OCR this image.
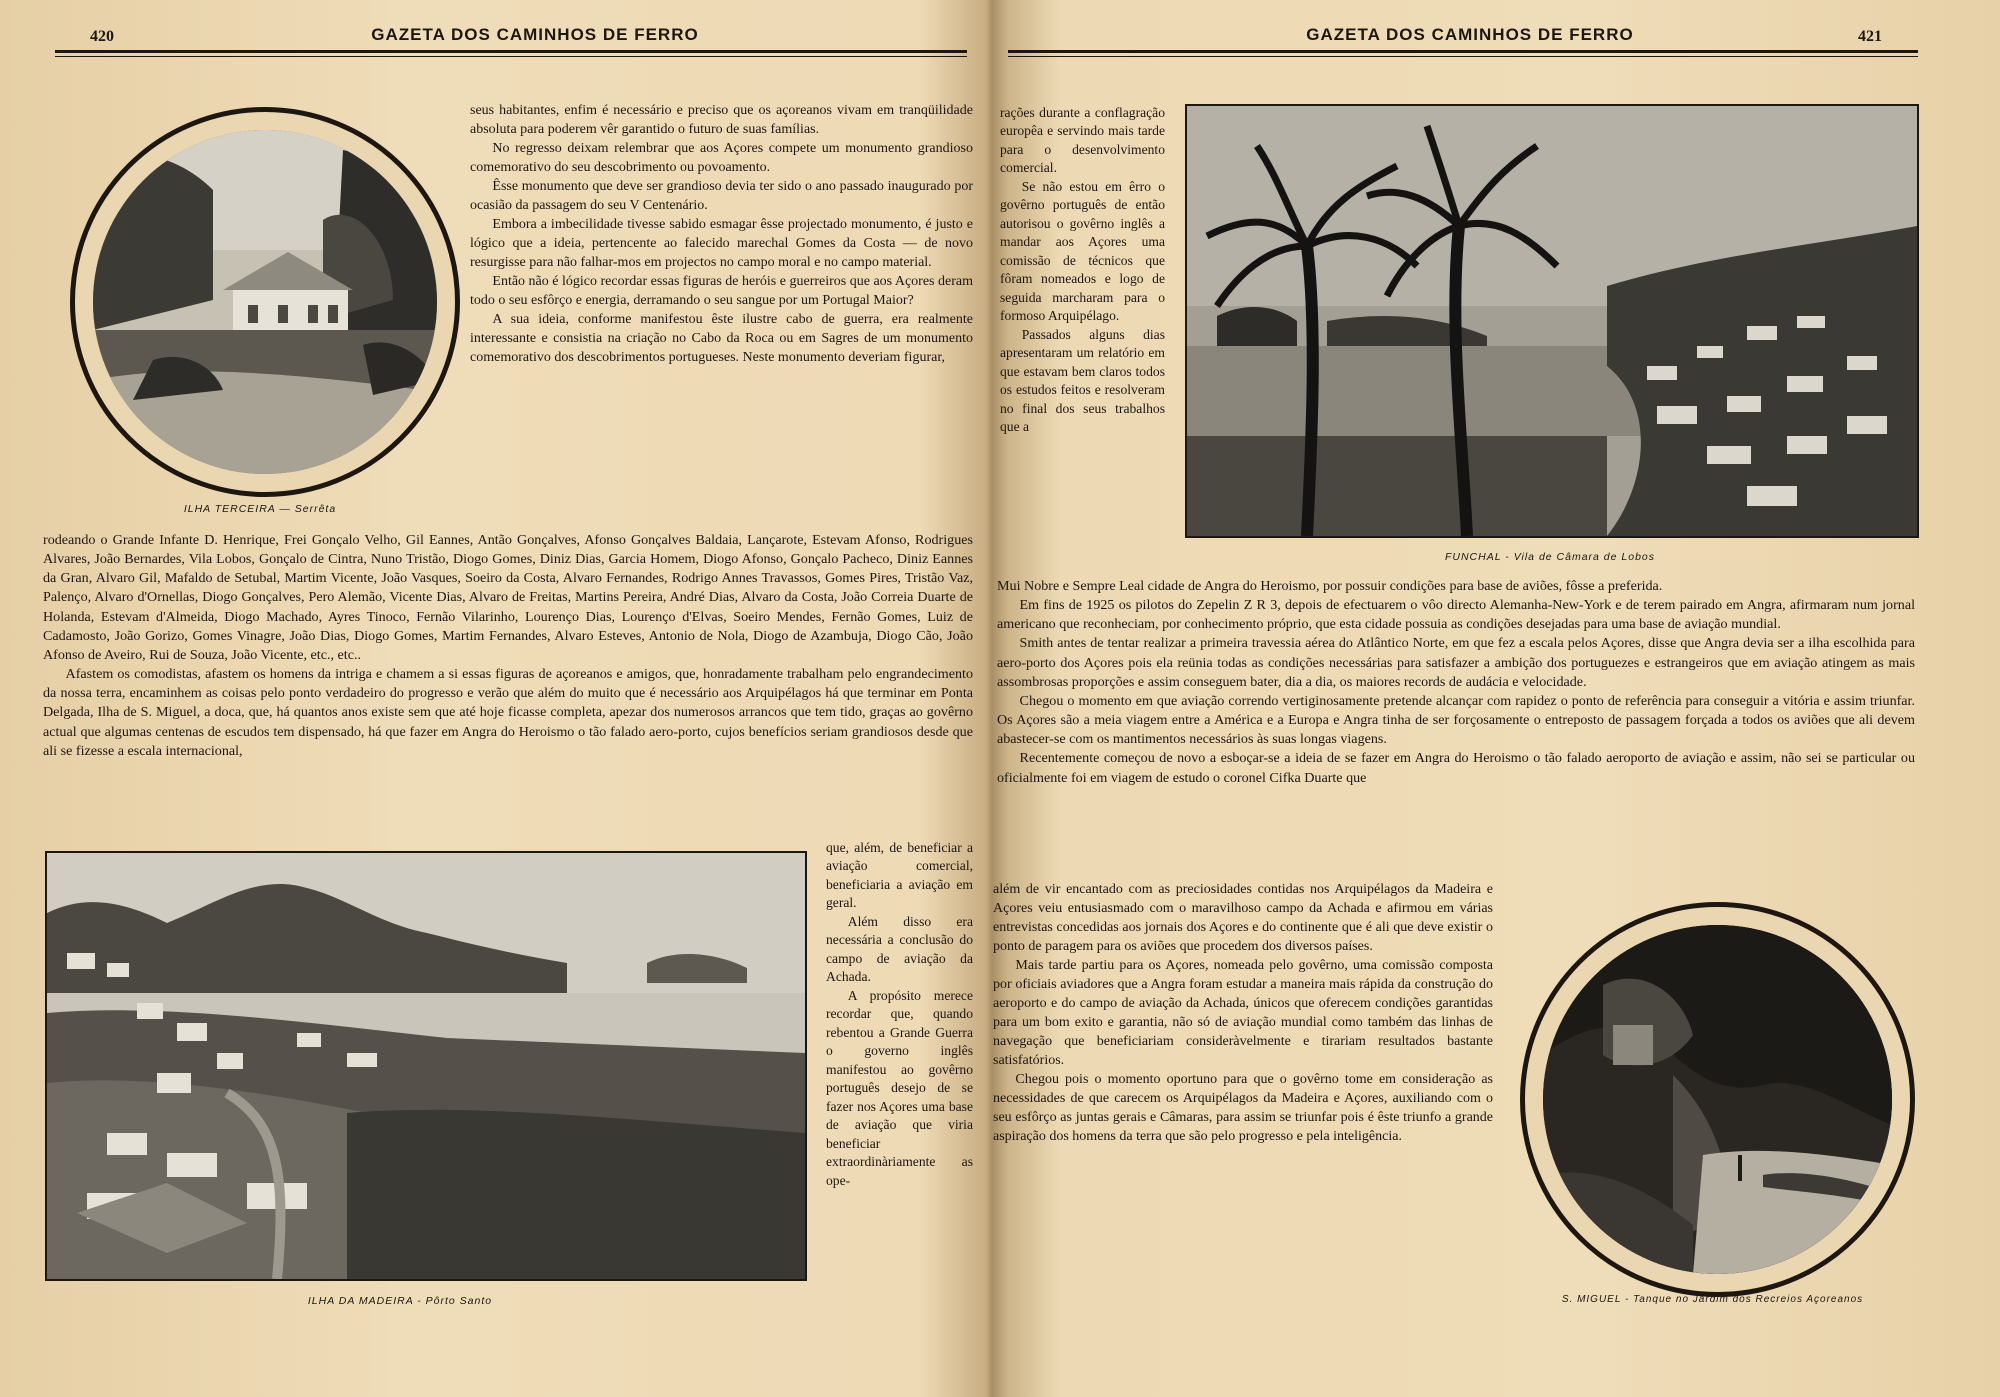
420	GAZETA DOS CAMINHOS DE FERRO
ILHA TERCEIRA — Serrêta

seus habitantes, enfim é necessário e preciso que os açoreanos vivam em tranqüilidade absoluta para poderem vêr garantido o futuro de suas famílias.

No regresso deixam relembrar que aos Açores compete um monumento grandioso comemorativo do seu descobrimento ou povoamento.

Êsse monumento que deve ser grandioso devia ter sido o ano passado inaugurado por ocasião da passagem do seu V Centenário.

Embora a imbecilidade tivesse sabido esmagar êsse projectado monumento, é justo e lógico que a ideia, pertencente ao falecido marechal Gomes da Costa — de novo resurgisse para não falhar-mos em projectos no campo moral e no campo material.

Então não é lógico recordar essas figuras de heróis e guerreiros que aos Açores deram todo o seu esfôrço e energia, derramando o seu sangue por um Portugal Maior?

A sua ideia, conforme manifestou êste ilustre cabo de guerra, era realmente interessante e consistia na criação no Cabo da Roca ou em Sagres de um monumento comemorativo dos descobrimentos portugueses. Neste monumento deveriam figurar,

rodeando o Grande Infante D. Henrique, Frei Gonçalo Velho, Gil Eannes, Antão Gonçalves, Afonso Gonçalves Baldaia, Lançarote, Estevam Afonso, Rodrigues Alvares, João Bernardes, Vila Lobos, Gonçalo de Cintra, Nuno Tristão, Diogo Gomes, Diniz Dias, Garcia Homem, Diogo Afonso, Gonçalo Pacheco, Diniz Eannes da Gran, Alvaro Gil, Mafaldo de Setubal, Martim Vicente, João Vasques, Soeiro da Costa, Alvaro Fernandes, Rodrigo Annes Travassos, Gomes Pires, Tristão Vaz, Palenço, Alvaro d'Ornellas, Diogo Gonçalves, Pero Alemão, Vicente Dias, Alvaro de Freitas, Martins Pereira, André Dias, Alvaro da Costa, João Correia Duarte de Holanda, Estevam d'Almeida, Diogo Machado, Ayres Tinoco, Fernão Vilarinho, Lourenço Dias, Lourenço d'Elvas, Soeiro Mendes, Fernão Gomes, Luiz de Cadamosto, João Gorizo, Gomes Vinagre, João Dias, Diogo Gomes, Martim Fernandes, Alvaro Esteves, Antonio de Nola, Diogo de Azambuja, Diogo Cão, João Afonso de Aveiro, Rui de Souza, João Vicente, etc., etc..

Afastem os comodistas, afastem os homens da intriga e chamem a si essas figuras de açoreanos e amigos, que, honradamente trabalham pelo engrandecimento da nossa terra, encaminhem as coisas pelo ponto verdadeiro do progresso e verão que além do muito que é necessário aos Arquipélagos há que terminar em Ponta Delgada, Ilha de S. Miguel, a doca, que, há quantos anos existe sem que até hoje ficasse completa, apezar dos numerosos arrancos que tem tido, graças ao govêrno actual que algumas centenas de escudos tem dispensado, há que fazer em Angra do Heroismo o tão falado aero-porto, cujos benefícios seriam grandiosos desde que ali se fizesse a escala internacional,

ILHA DA MADEIRA - Pôrto Santo

que, além, de beneficiar a aviação comercial, beneficiaria a aviação em geral.

Além disso era necessária a conclusão do campo de aviação da Achada.

A propósito merece recordar que, quando rebentou a Grande Guerra o governo inglês manifestou ao govêrno português desejo de se fazer nos Açores uma base de aviação que viria beneficiar extraordinàriamente as ope-

GAZETA DOS CAMINHOS DE FERRO	421

rações durante a conflagração europêa e servindo mais tarde para o desenvolvimento comercial.

Se não estou em êrro o govêrno português de então autorisou o govêrno inglês a mandar aos Açores uma comissão de técnicos que fôram nomeados e logo de seguida marcharam para o formoso Arquipélago.

Passados alguns dias apresentaram um relatório em que estavam bem claros todos os estudos feitos e resolveram no final dos seus trabalhos que a

FUNCHAL - Vila de Câmara de Lobos

Mui Nobre e Sempre Leal cidade de Angra do Heroismo, por possuir condições para base de aviões, fôsse a preferida.

Em fins de 1925 os pilotos do Zepelin Z R 3, depois de efectuarem o vôo directo Alemanha-New-York e de terem pairado em Angra, afirmaram num jornal americano que reconheciam, por conhecimento próprio, que esta cidade possuia as condições desejadas para uma base de aviação mundial.

Smith antes de tentar realizar a primeira travessia aérea do Atlântico Norte, em que fez a escala pelos Açores, disse que Angra devia ser a ilha escolhida para aero-porto dos Açores pois ela reünia todas as condições necessárias para satisfazer a ambição dos portuguezes e estrangeiros que em aviação atingem as mais assombrosas proporções e assim conseguem bater, dia a dia, os maiores records de audácia e velocidade.

Chegou o momento em que aviação correndo vertiginosamente pretende alcançar com rapidez o ponto de referência para conseguir a vitória e assim triunfar. Os Açores são a meia viagem entre a América e a Europa e Angra tinha de ser forçosamente o entreposto de passagem forçada a todos os aviões que ali devem abastecer-se com os mantimentos necessários às suas longas viagens.

Recentemente começou de novo a esboçar-se a ideia de se fazer em Angra do Heroismo o tão falado aeroporto de aviação e assim, não sei se particular ou oficialmente foi em viagem de estudo o coronel Cifka Duarte que

além de vir encantado com as preciosidades contidas nos Arquipélagos da Madeira e Açores veiu entusiasmado com o maravilhoso campo da Achada e afirmou em várias entrevistas concedidas aos jornais dos Açores e do continente que é ali que deve existir o ponto de paragem para os aviões que procedem dos diversos países.

Mais tarde partiu para os Açores, nomeada pelo govêrno, uma comissão composta por oficiais aviadores que a Angra foram estudar a maneira mais rápida da construção do aeroporto e do campo de aviação da Achada, únicos que oferecem condições garantidas para um bom exito e garantia, não só de aviação mundial como também das linhas de navegação que beneficiariam consideràvelmente e tirariam resultados bastante satisfatórios.

Chegou pois o momento oportuno para que o govêrno tome em consideração as necessidades de que carecem os Arquipélagos da Madeira e Açores, auxiliando com o seu esfôrço as juntas gerais e Câmaras, para assim se triunfar pois é êste triunfo a grande aspiração dos homens da terra que são pelo progresso e pela inteligência.

S. MIGUEL - Tanque no Jardim dos Recreios Açoreanos
